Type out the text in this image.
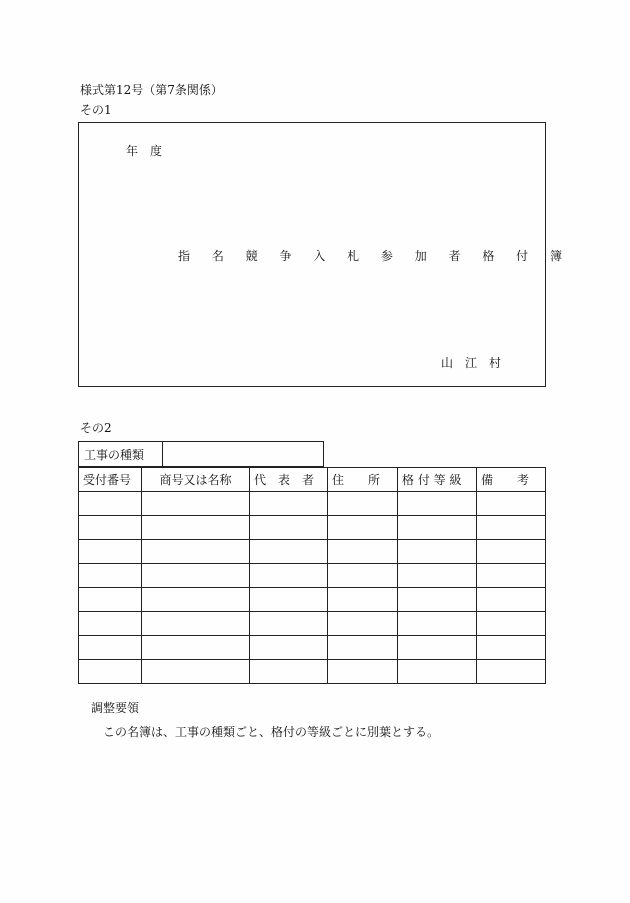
様式第12号（第7条関係）
その1
年　度
指 名 競 争 入 札 参 加 者 格 付 簿
山　江　村
その2
工事の種類	
受付番号	商号又は名称	代　表　者	住　　所	格 付 等 級	備　　考

調整要領
この名簿は、工事の種類ごと、格付の等級ごとに別葉とする。
